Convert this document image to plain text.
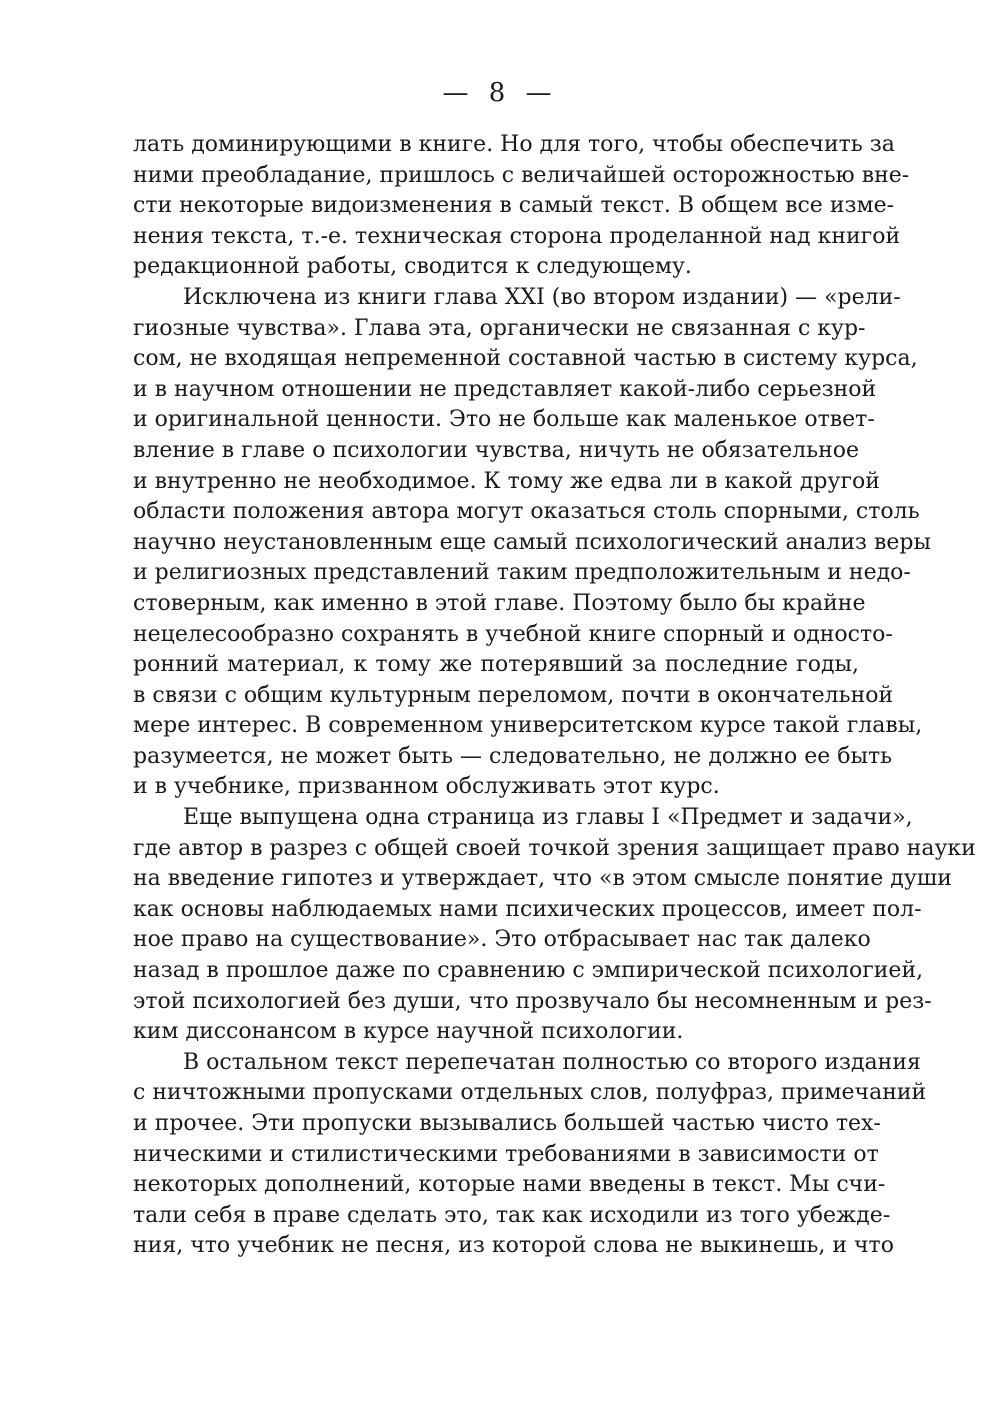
— 8 —
лать доминирующими в книге. Но для того, чтобы обеспечить за
ними преобладание, пришлось с величайшей осторожностью вне-
сти некоторые видоизменения в самый текст. В общем все изме-
нения текста, т.-е. техническая сторона проделанной над книгой
редакционной работы, сводится к следующему.
Исключена из книги глава XXI (во втором издании) — «рели-
гиозные чувства». Глава эта, органически не связанная с кур-
сом, не входящая непременной составной частью в систему курса,
и в научном отношении не представляет какой-либо серьезной
и оригинальной ценности. Это не больше как маленькое ответ-
вление в главе о психологии чувства, ничуть не обязательное
и внутренно не необходимое. К тому же едва ли в какой другой
области положения автора могут оказаться столь спорными, столь
научно неустановленным еще самый психологический анализ веры
и религиозных представлений таким предположительным и недо-
стоверным, как именно в этой главе. Поэтому было бы крайне
нецелесообразно сохранять в учебной книге спорный и односто-
ронний материал, к тому же потерявший за последние годы,
в связи с общим культурным переломом, почти в окончательной
мере интерес. В современном университетском курсе такой главы,
разумеется, не может быть — следовательно, не должно ее быть
и в учебнике, призванном обслуживать этот курс.
Еще выпущена одна страница из главы I «Предмет и задачи»,
где автор в разрез с общей своей точкой зрения защищает право науки
на введение гипотез и утверждает, что «в этом смысле понятие души
как основы наблюдаемых нами психических процессов, имеет пол-
ное право на существование». Это отбрасывает нас так далеко
назад в прошлое даже по сравнению с эмпирической психологией,
этой психологией без души, что прозвучало бы несомненным и рез-
ким диссонансом в курсе научной психологии.
В остальном текст перепечатан полностью со второго издания
с ничтожными пропусками отдельных слов, полуфраз, примечаний
и прочее. Эти пропуски вызывались большей частью чисто тех-
ническими и стилистическими требованиями в зависимости от
некоторых дополнений, которые нами введены в текст. Мы счи-
тали себя в праве сделать это, так как исходили из того убежде-
ния, что учебник не песня, из которой слова не выкинешь, и что
